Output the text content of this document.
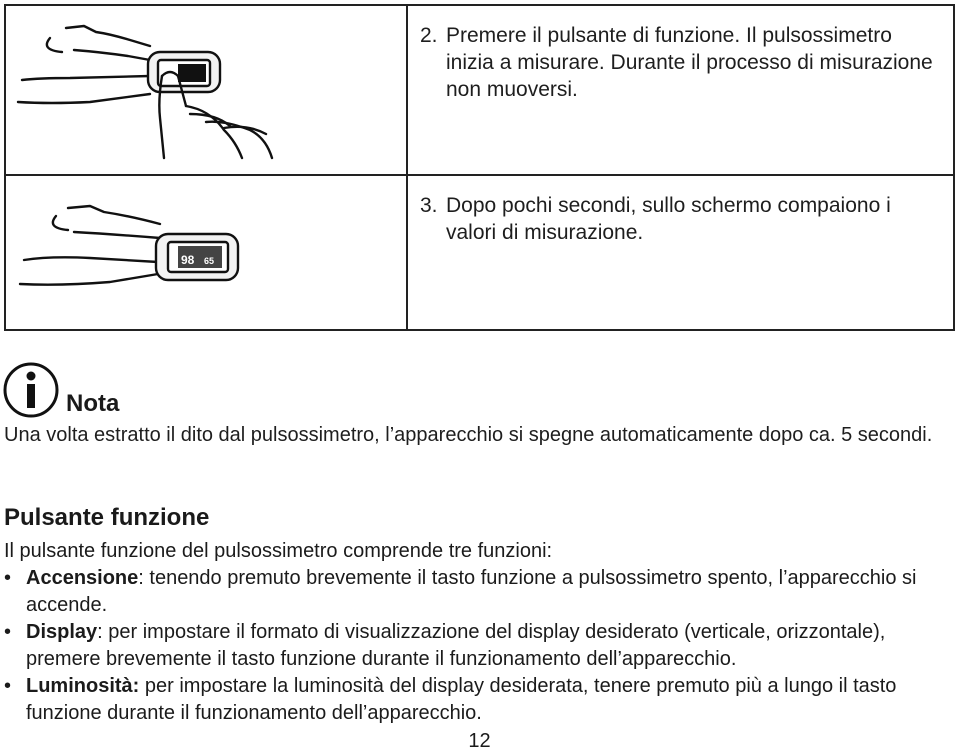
2. Premere il pulsante di funzione. Il pulsossimetro inizia a misurare. Durante il processo di misurazione non muoversi.
98 65
3. Dopo pochi secondi, sullo schermo compaiono i valori di misurazione.
Nota
Una volta estratto il dito dal pulsossimetro, l’apparecchio si spegne automaticamente dopo ca. 5 secondi.
Pulsante funzione
Il pulsante funzione del pulsossimetro comprende tre funzioni:
• Accensione: tenendo premuto brevemente il tasto funzione a pulsossimetro spento, l’apparecchio si accende.
• Display: per impostare il formato di visualizzazione del display desiderato (verticale, orizzontale), premere brevemente il tasto funzione durante il funzionamento dell’apparecchio.
• Luminosità: per impostare la luminosità del display desiderata, tenere premuto più a lungo il tasto funzione durante il funzionamento dell’apparecchio.
12
